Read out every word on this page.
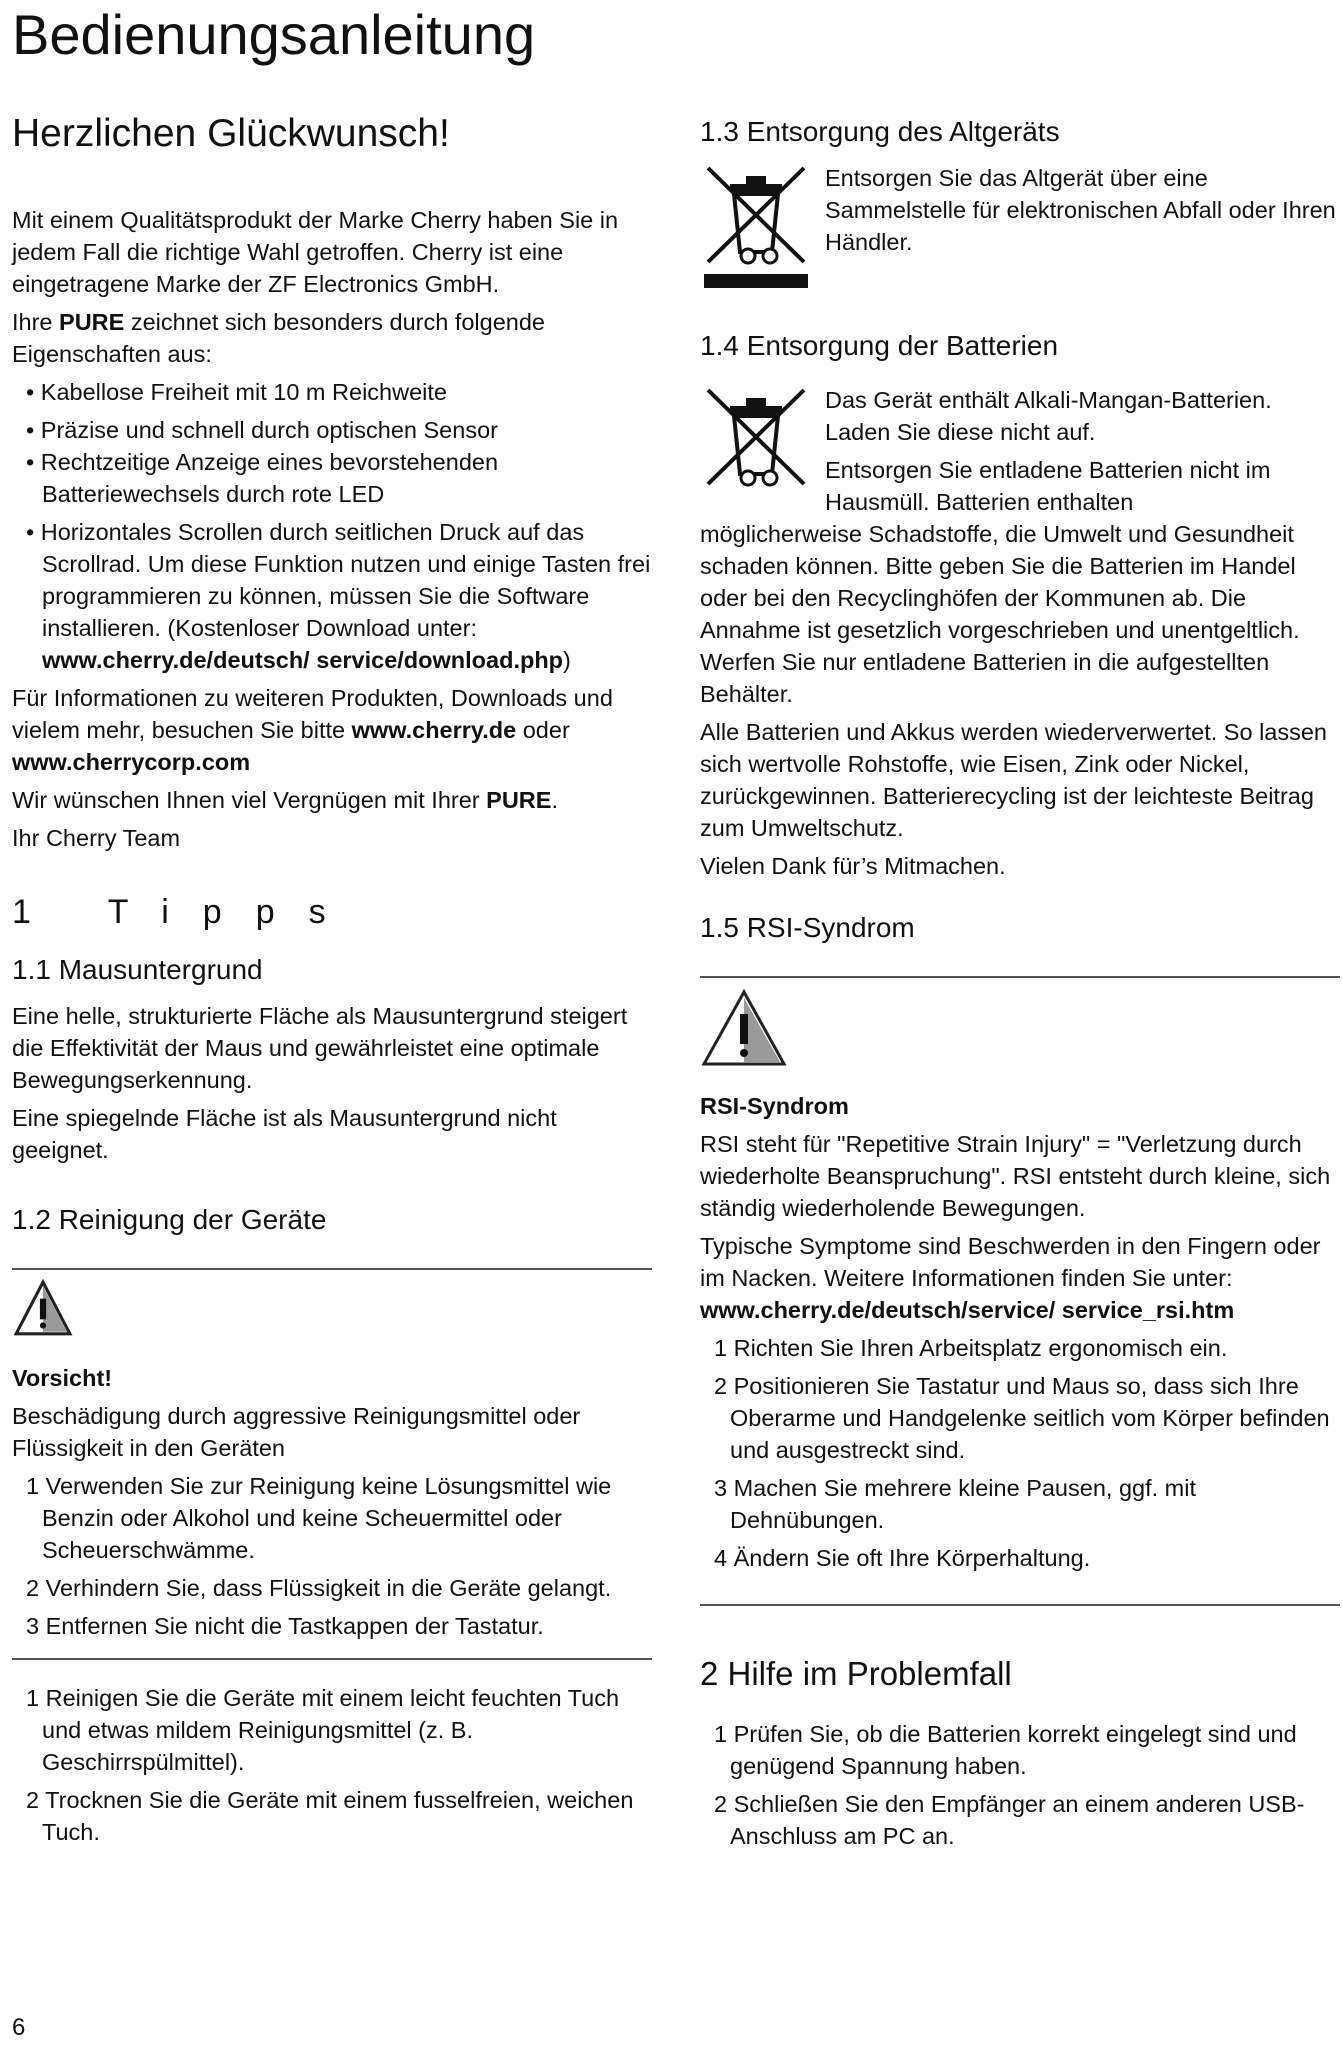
Bedienungsanleitung
Herzlichen Glückwunsch!

Mit einem Qualitätsprodukt der Marke Cherry haben Sie in jedem Fall die richtige Wahl getroffen. Cherry ist eine eingetragene Marke der ZF Electronics GmbH.

Ihre PURE zeichnet sich besonders durch folgende Eigenschaften aus:

• Kabellose Freiheit mit 10 m Reichweite

• Präzise und schnell durch optischen Sensor

• Rechtzeitige Anzeige eines bevorstehenden Batteriewechsels durch rote LED

• Horizontales Scrollen durch seitlichen Druck auf das Scrollrad. Um diese Funktion nutzen und einige Tasten frei programmieren zu können, müssen Sie die Software installieren. (Kostenloser Download unter: www.cherry.de/deutsch/ service/download.php)

Für Informationen zu weiteren Produkten, Downloads und vielem mehr, besuchen Sie bitte www.cherry.de oder www.cherrycorp.com

Wir wünschen Ihnen viel Vergnügen mit Ihrer PURE.

Ihr Cherry Team

1 Tipps
1.1 Mausuntergrund

Eine helle, strukturierte Fläche als Mausuntergrund steigert die Effektivität der Maus und gewährleistet eine optimale Bewegungserkennung.

Eine spiegelnde Fläche ist als Mausuntergrund nicht geeignet.

1.2 Reinigung der Geräte

Vorsicht!

Beschädigung durch aggressive Reinigungsmittel oder Flüssigkeit in den Geräten

1 Verwenden Sie zur Reinigung keine Lösungsmittel wie Benzin oder Alkohol und keine Scheuermittel oder Scheuerschwämme.

2 Verhindern Sie, dass Flüssigkeit in die Geräte gelangt.

3 Entfernen Sie nicht die Tastkappen der Tastatur.

1 Reinigen Sie die Geräte mit einem leicht feuchten Tuch und etwas mildem Reinigungsmittel (z. B. Geschirrspülmittel).

2 Trocknen Sie die Geräte mit einem fusselfreien, weichen Tuch.

1.3 Entsorgung des Altgeräts

Entsorgen Sie das Altgerät über eine Sammelstelle für elektronischen Abfall oder Ihren Händler.

1.4 Entsorgung der Batterien

Das Gerät enthält Alkali-Mangan-Batterien. Laden Sie diese nicht auf.

Entsorgen Sie entladene Batterien nicht im Hausmüll. Batterien enthalten

möglicherweise Schadstoffe, die Umwelt und Gesundheit schaden können. Bitte geben Sie die Batterien im Handel oder bei den Recyclinghöfen der Kommunen ab. Die Annahme ist gesetzlich vorgeschrieben und unentgeltlich. Werfen Sie nur entladene Batterien in die aufgestellten Behälter.

Alle Batterien und Akkus werden wiederverwertet. So lassen sich wertvolle Rohstoffe, wie Eisen, Zink oder Nickel, zurückgewinnen. Batterierecycling ist der leichteste Beitrag zum Umweltschutz.

Vielen Dank für’s Mitmachen.

1.5 RSI-Syndrom

RSI-Syndrom

RSI steht für "Repetitive Strain Injury" = "Verletzung durch wiederholte Beanspruchung". RSI entsteht durch kleine, sich ständig wiederholende Bewegungen.

Typische Symptome sind Beschwerden in den Fingern oder im Nacken. Weitere Informationen finden Sie unter: www.cherry.de/deutsch/service/ service_rsi.htm

1 Richten Sie Ihren Arbeitsplatz ergonomisch ein.

2 Positionieren Sie Tastatur und Maus so, dass sich Ihre Oberarme und Handgelenke seitlich vom Körper befinden und ausgestreckt sind.

3 Machen Sie mehrere kleine Pausen, ggf. mit Dehnübungen.

4 Ändern Sie oft Ihre Körperhaltung.

2 Hilfe im Problemfall

1 Prüfen Sie, ob die Batterien korrekt eingelegt sind und genügend Spannung haben.

2 Schließen Sie den Empfänger an einem anderen USB-Anschluss am PC an.

6
